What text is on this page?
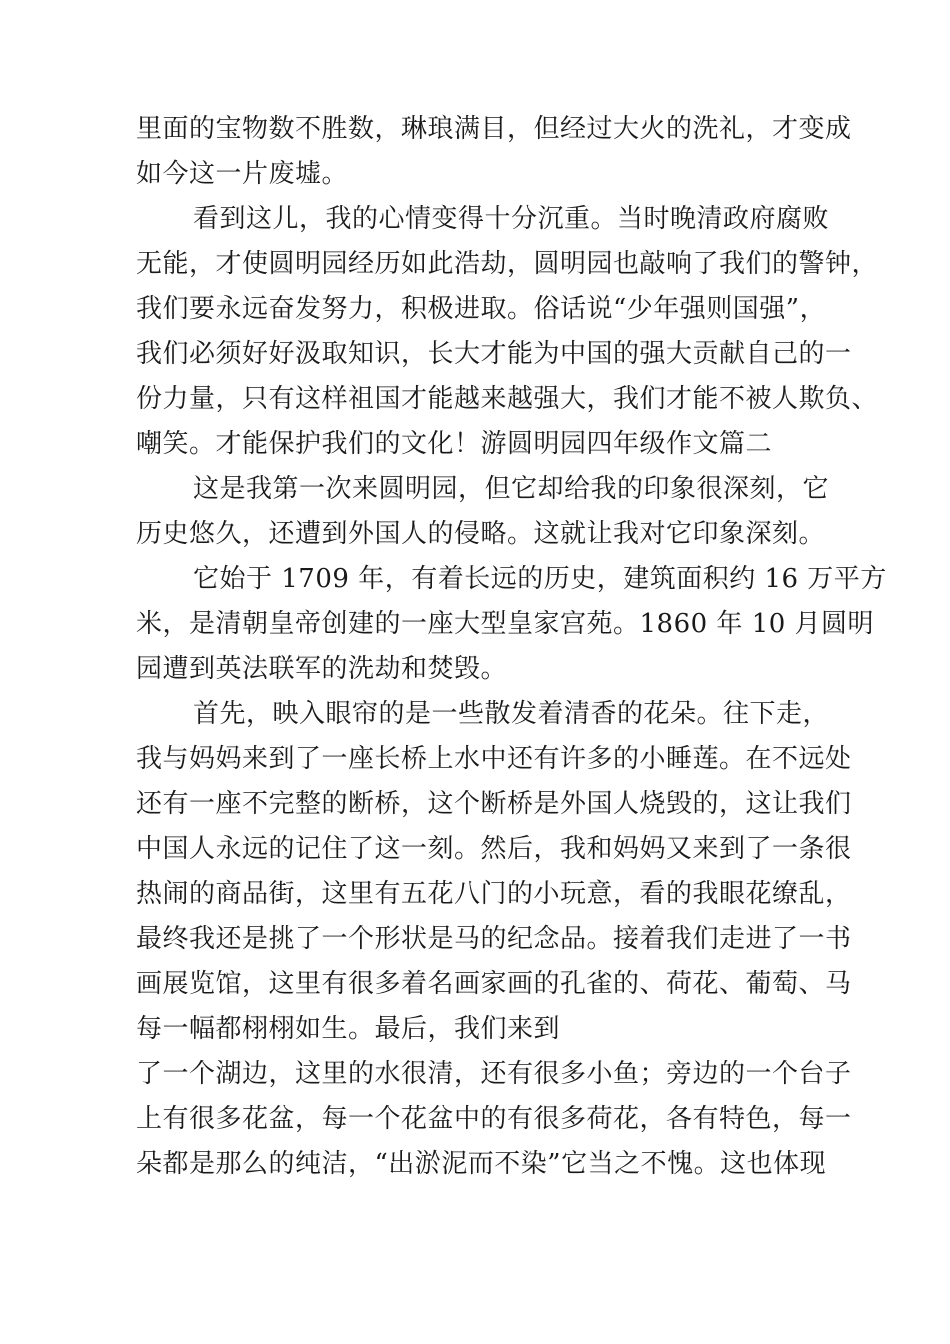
里面的宝物数不胜数，琳琅满目，但经过大火的洗礼，才变成
如今这一片废墟。
看到这儿，我的心情变得十分沉重。当时晚清政府腐败
无能，才使圆明园经历如此浩劫，圆明园也敲响了我们的警钟，
我们要永远奋发努力，积极进取。俗话说“少年强则国强”，
我们必须好好汲取知识，长大才能为中国的强大贡献自己的一
份力量，只有这样祖国才能越来越强大，我们才能不被人欺负、
嘲笑。才能保护我们的文化！游圆明园四年级作文篇二
这是我第一次来圆明园，但它却给我的印象很深刻，它
历史悠久，还遭到外国人的侵略。这就让我对它印象深刻。
它始于 1709 年，有着长远的历史，建筑面积约 16 万平方
米，是清朝皇帝创建的一座大型皇家宫苑。1860 年 10 月圆明
园遭到英法联军的洗劫和焚毁。
首先，映入眼帘的是一些散发着清香的花朵。往下走，
我与妈妈来到了一座长桥上水中还有许多的小睡莲。在不远处
还有一座不完整的断桥，这个断桥是外国人烧毁的，这让我们
中国人永远的记住了这一刻。然后，我和妈妈又来到了一条很
热闹的商品街，这里有五花八门的小玩意，看的我眼花缭乱，
最终我还是挑了一个形状是马的纪念品。接着我们走进了一书
画展览馆，这里有很多着名画家画的孔雀的、荷花、葡萄、马
每一幅都栩栩如生。最后，我们来到
了一个湖边，这里的水很清，还有很多小鱼；旁边的一个台子
上有很多花盆，每一个花盆中的有很多荷花，各有特色，每一
朵都是那么的纯洁，“出淤泥而不染”它当之不愧。这也体现
